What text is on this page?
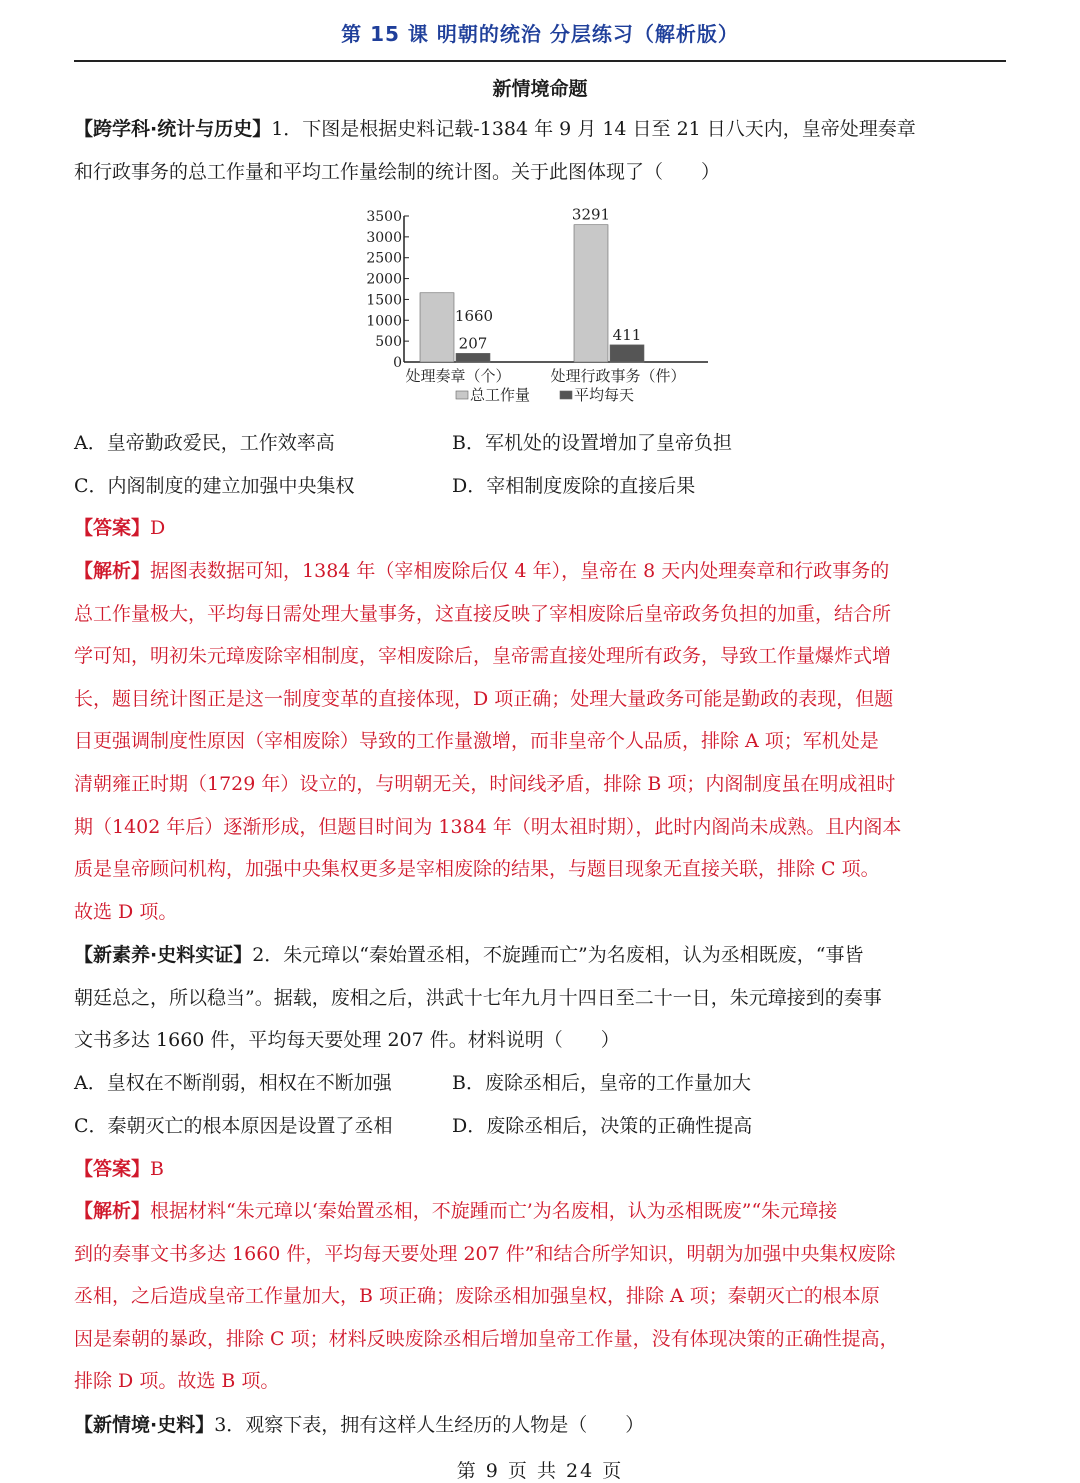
第 15 课 明朝的统治 分层练习（解析版）
新情境命题
【跨学科·统计与历史】1．下图是根据史料记载-1384 年 9 月 14 日至 21 日八天内，皇帝处理奏章
和行政事务的总工作量和平均工作量绘制的统计图。关于此图体现了（　　）
0
500
1000
1500
2000
2500
3000
3500
1660
207
处理奏章（个）
3291
411
处理行政事务（件）
总工作量	平均每天
A．皇帝勤政爱民，工作效率高	B．军机处的设置增加了皇帝负担
C．内阁制度的建立加强中央集权	D．宰相制度废除的直接后果
【答案】D
【解析】据图表数据可知，1384 年（宰相废除后仅 4 年），皇帝在 8 天内处理奏章和行政事务的
总工作量极大，平均每日需处理大量事务，这直接反映了宰相废除后皇帝政务负担的加重，结合所
学可知，明初朱元璋废除宰相制度，宰相废除后，皇帝需直接处理所有政务，导致工作量爆炸式增
长，题目统计图正是这一制度变革的直接体现，D 项正确；处理大量政务可能是勤政的表现，但题
目更强调制度性原因（宰相废除）导致的工作量激增，而非皇帝个人品质，排除 A 项；军机处是
清朝雍正时期（1729 年）设立的，与明朝无关，时间线矛盾，排除 B 项；内阁制度虽在明成祖时
期（1402 年后）逐渐形成，但题目时间为 1384 年（明太祖时期），此时内阁尚未成熟。且内阁本
质是皇帝顾问机构，加强中央集权更多是宰相废除的结果，与题目现象无直接关联，排除 C 项。
故选 D 项。
【新素养·史料实证】2．朱元璋以“秦始置丞相，不旋踵而亡”为名废相，认为丞相既废，“事皆
朝廷总之，所以稳当”。据载，废相之后，洪武十七年九月十四日至二十一日，朱元璋接到的奏事
文书多达 1660 件，平均每天要处理 207 件。材料说明（　　）
A．皇权在不断削弱，相权在不断加强	B．废除丞相后，皇帝的工作量加大
C．秦朝灭亡的根本原因是设置了丞相	D．废除丞相后，决策的正确性提高
【答案】B
【解析】根据材料“朱元璋以‘秦始置丞相，不旋踵而亡’为名废相，认为丞相既废”“朱元璋接
到的奏事文书多达 1660 件，平均每天要处理 207 件”和结合所学知识，明朝为加强中央集权废除
丞相，之后造成皇帝工作量加大，B 项正确；废除丞相加强皇权，排除 A 项；秦朝灭亡的根本原
因是秦朝的暴政，排除 C 项；材料反映废除丞相后增加皇帝工作量，没有体现决策的正确性提高，
排除 D 项。故选 B 项。
【新情境·史料】3．观察下表，拥有这样人生经历的人物是（　　）
第 9 页 共 24 页
